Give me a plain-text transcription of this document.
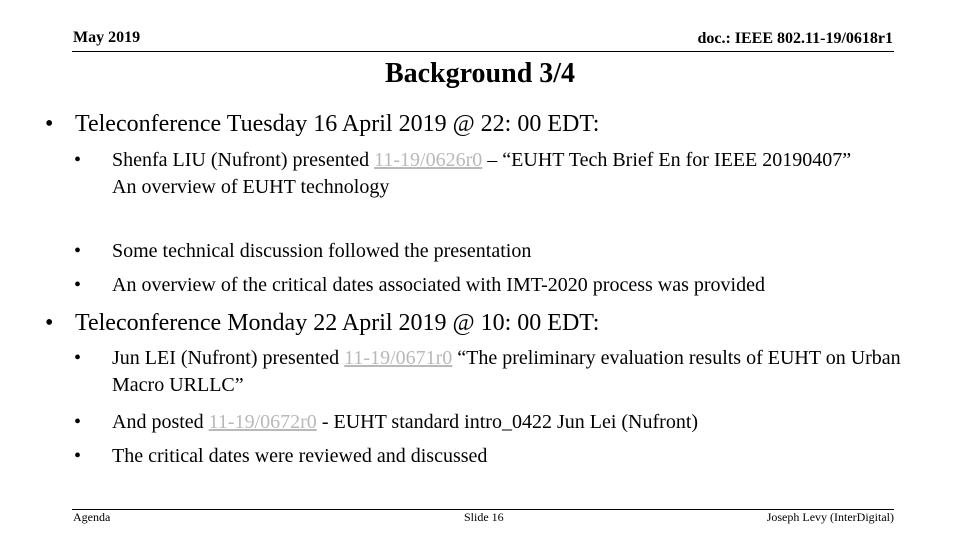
May 2019	doc.: IEEE 802.11-19/0618r1
Background 3/4
• Teleconference Tuesday 16 April 2019 @ 22: 00 EDT:
• Shenfa LIU (Nufront) presented 11-19/0626r0 – “EUHT Tech Brief En for IEEE 20190407”
An overview of EUHT technology
• Some technical discussion followed the presentation
• An overview of the critical dates associated with IMT-2020 process was provided
• Teleconference Monday 22 April 2019 @ 10: 00 EDT:
• Jun LEI (Nufront) presented 11-19/0671r0 “The preliminary evaluation results of EUHT on Urban Macro URLLC”
• And posted 11-19/0672r0 - EUHT standard intro_0422 Jun Lei (Nufront)
• The critical dates were reviewed and discussed
Agenda	Slide 16	Joseph Levy (InterDigital)
